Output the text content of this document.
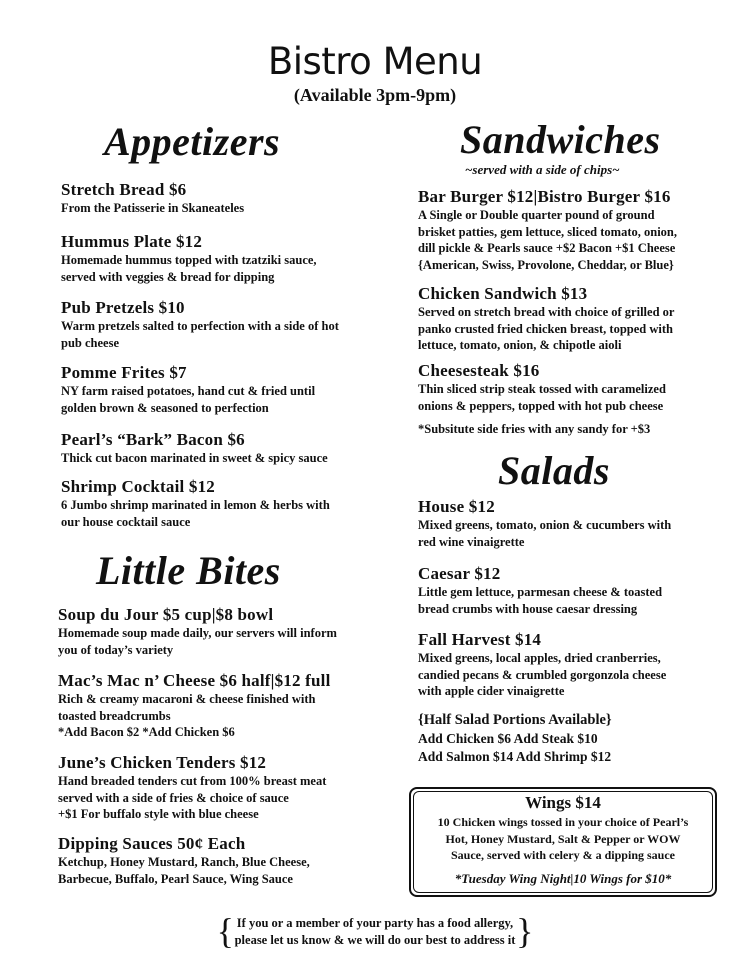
Bistro Menu
(Available 3pm-9pm)
Appetizers
Stretch Bread $6
From the Patisserie in Skaneateles
Hummus Plate $12
Homemade hummus topped with tzatziki sauce,
served with veggies & bread for dipping
Pub Pretzels $10
Warm pretzels salted to perfection with a side of hot
pub cheese
Pomme Frites $7
NY farm raised potatoes, hand cut & fried until
golden brown & seasoned to perfection
Pearl’s “Bark” Bacon $6
Thick cut bacon marinated in sweet & spicy sauce
Shrimp Cocktail $12
6 Jumbo shrimp marinated in lemon & herbs with
our house cocktail sauce
Little Bites
Soup du Jour $5 cup|$8 bowl
Homemade soup made daily, our servers will inform
you of today’s variety
Mac’s Mac n’ Cheese $6 half|$12 full
Rich & creamy macaroni & cheese finished with
toasted breadcrumbs
*Add Bacon $2 *Add Chicken $6
June’s Chicken Tenders $12
Hand breaded tenders cut from 100% breast meat
served with a side of fries & choice of sauce
+$1 For buffalo style with blue cheese
Dipping Sauces 50¢ Each
Ketchup, Honey Mustard, Ranch, Blue Cheese,
Barbecue, Buffalo, Pearl Sauce, Wing Sauce
Sandwiches
~served with a side of chips~
Bar Burger $12|Bistro Burger $16
A Single or Double quarter pound of ground
brisket patties, gem lettuce, sliced tomato, onion,
dill pickle & Pearls sauce +$2 Bacon +$1 Cheese
{American, Swiss, Provolone, Cheddar, or Blue}
Chicken Sandwich $13
Served on stretch bread with choice of grilled or
panko crusted fried chicken breast, topped with
lettuce, tomato, onion, & chipotle aioli
Cheesesteak $16
Thin sliced strip steak tossed with caramelized
onions & peppers, topped with hot pub cheese
*Subsitute side fries with any sandy for +$3
Salads
House $12
Mixed greens, tomato, onion & cucumbers with
red wine vinaigrette
Caesar $12
Little gem lettuce, parmesan cheese & toasted
bread crumbs with house caesar dressing
Fall Harvest $14
Mixed greens, local apples, dried cranberries,
candied pecans & crumbled gorgonzola cheese
with apple cider vinaigrette
{Half Salad Portions Available}
Add Chicken $6 Add Steak $10
Add Salmon $14 Add Shrimp $12
Wings $14
10 Chicken wings tossed in your choice of Pearl’s
Hot, Honey Mustard, Salt & Pepper or WOW
Sauce, served with celery & a dipping sauce
*Tuesday Wing Night|10 Wings for $10*
{ If you or a member of your party has a food allergy,
please let us know & we will do our best to address it }
